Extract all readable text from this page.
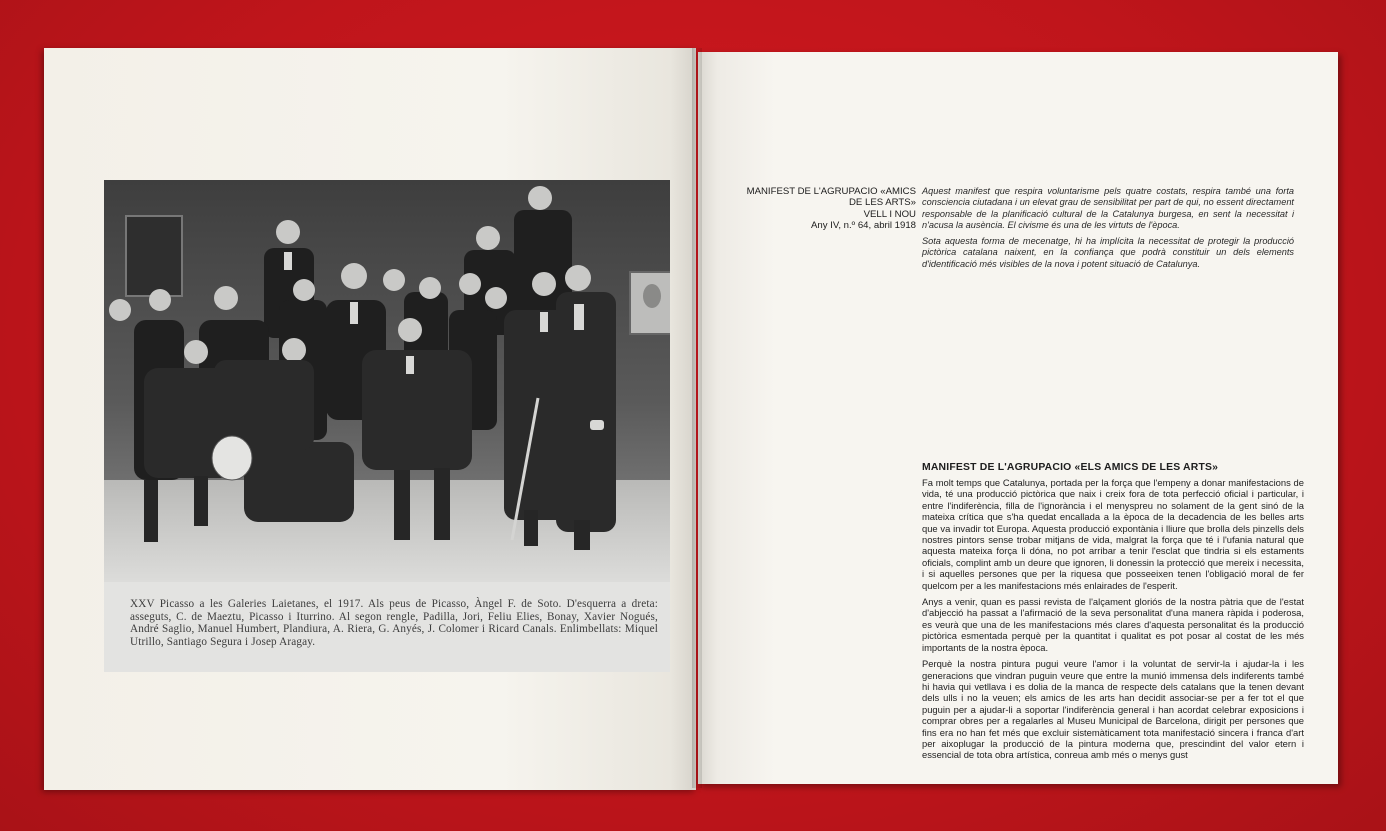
XXV Picasso a les Galeries Laietanes, el 1917. Als peus de Picasso, Àngel F. de Soto. D'esquerra a dreta: asseguts, C. de Maeztu, Picasso i Iturrino. Al segon rengle, Padilla, Jori, Feliu Elies, Bonay, Xavier Nogués, André Saglio, Manuel Humbert, Plandiura, A. Riera, G. Anyés, J. Colomer i Ricard Canals. Enlimbellats: Miquel Utrillo, Santiago Segura i Josep Aragay.
MANIFEST DE L'AGRUPACIO «AMICS
DE LES ARTS»
VELL I NOU
Any IV, n.º 64, abril 1918

Aquest manifest que respira voluntarisme pels quatre costats, respira també una forta consciencia ciutadana i un elevat grau de sensibilitat per part de qui, no essent directament responsable de la planificació cultural de la Catalunya burgesa, en sent la necessitat i n'acusa la ausència. El civisme és una de les virtuts de l'època.

Sota aquesta forma de mecenatge, hi ha implícita la necessitat de protegir la producció pictòrica catalana naixent, en la confiança que podrà constituir un dels elements d'identificació més visibles de la nova i potent situació de Catalunya.

MANIFEST DE L'AGRUPACIO «ELS AMICS DE LES ARTS»

Fa molt temps que Catalunya, portada per la força que l'empeny a donar manifestacions de vida, té una producció pictòrica que naix i creix fora de tota perfecció oficial i particular, i entre l'indiferència, filla de l'ignorància i el menyspreu no solament de la gent sinó de la mateixa crítica que s'ha quedat encallada a la època de la decadencia de les belles arts que va invadir tot Europa. Aquesta producció expontània i lliure que brolla dels pinzells dels nostres pintors sense trobar mitjans de vida, malgrat la força que té i l'ufania natural que aquesta mateixa força li dóna, no pot arribar a tenir l'esclat que tindria si els estaments oficials, complint amb un deure que ignoren, li donessin la protecció que mereix i necessita, i si aquelles persones que per la riquesa que posseeixen tenen l'obligació moral de fer quelcom per a les manifestacions més enlairades de l'esperit.

Anys a venir, quan es passi revista de l'alçament gloriós de la nostra pàtria que de l'estat d'abjecció ha passat a l'afirmació de la seva personalitat d'una manera ràpida i poderosa, es veurà que una de les manifestacions més clares d'aquesta personalitat és la producció pictòrica esmentada perquè per la quantitat i qualitat es pot posar al costat de les més importants de la nostra època.

Perquè la nostra pintura pugui veure l'amor i la voluntat de servir-la i ajudar-la i les generacions que vindran puguin veure que entre la munió immensa dels indiferents també hi havia qui vetllava i es dolia de la manca de respecte dels catalans que la tenen devant dels ulls i no la veuen; els amics de les arts han decidit associar-se per a fer tot el que puguin per a ajudar-li a soportar l'indiferència general i han acordat celebrar exposicions i comprar obres per a regalarles al Museu Municipal de Barcelona, dirigit per persones que fins era no han fet més que excluir sistemàticament tota manifestació sincera i franca d'art per aixoplugar la producció de la pintura moderna que, prescindint del valor etern i essencial de tota obra artística, conreua amb més o menys gust
